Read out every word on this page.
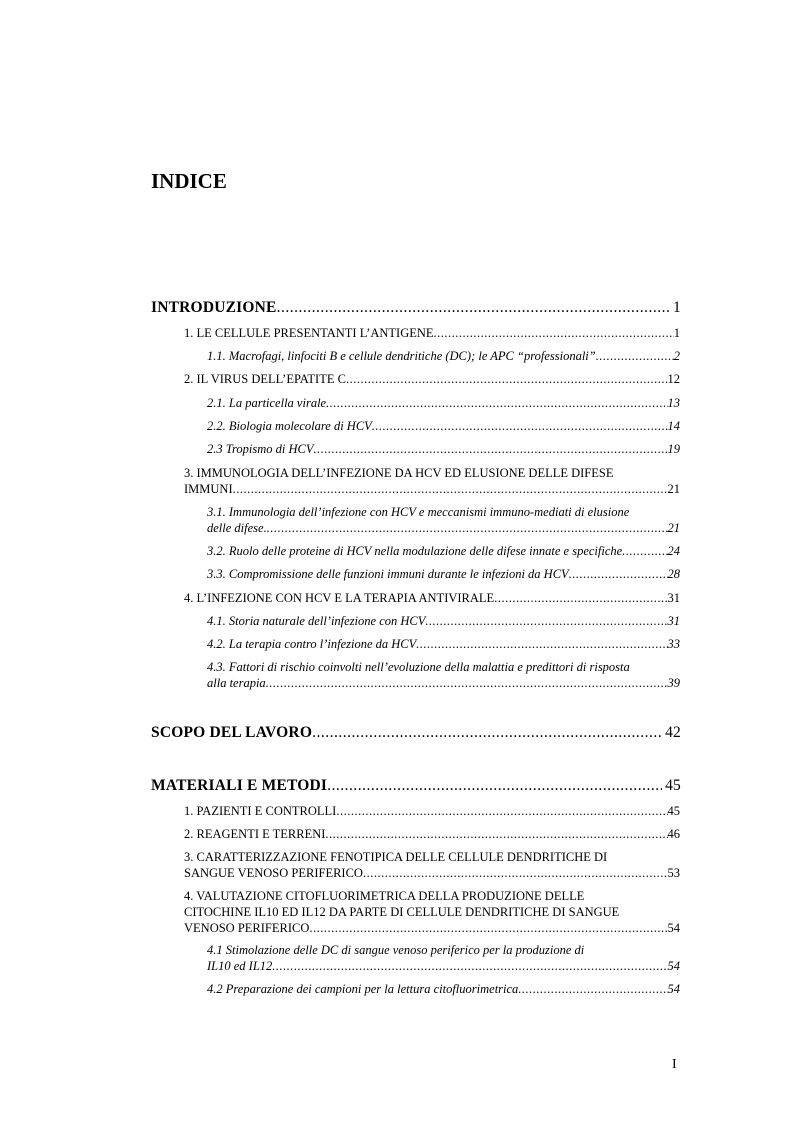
INDICE
INTRODUZIONE .....	1
1. LE CELLULE PRESENTANTI L’ANTIGENE .....	1
1.1. Macrofagi, linfociti B e cellule dendritiche (DC); le APC “professionali” .....	2
2. IL VIRUS DELL’EPATITE C .....	12
2.1. La particella virale .....	13
2.2. Biologia molecolare di HCV .....	14
2.3 Tropismo di HCV .....	19
3. IMMUNOLOGIA DELL’INFEZIONE DA HCV ED ELUSIONE DELLE DIFESE
IMMUNI .....	21
3.1. Immunologia dell’infezione con HCV e meccanismi immuno-mediati di elusione
delle difese. .....	21
3.2. Ruolo delle proteine di HCV nella modulazione delle difese innate e specifiche .....	24
3.3. Compromissione delle funzioni immuni durante le infezioni da HCV .....	28
4. L’INFEZIONE CON HCV E LA TERAPIA ANTIVIRALE .....	31
4.1. Storia naturale dell’infezione con HCV .....	31
4.2. La terapia contro l’infezione da HCV .....	33
4.3. Fattori di rischio coinvolti nell’evoluzione della malattia e predittori di risposta
alla terapia .....	39
SCOPO DEL LAVORO .....	42
MATERIALI E METODI .....	45
1. PAZIENTI E CONTROLLI .....	45
2. REAGENTI E TERRENI .....	46
3. CARATTERIZZAZIONE FENOTIPICA DELLE CELLULE DENDRITICHE DI
SANGUE VENOSO PERIFERICO .....	53
4. VALUTAZIONE CITOFLUORIMETRICA DELLA PRODUZIONE DELLE
CITOCHINE IL10 ED IL12 DA PARTE DI CELLULE DENDRITICHE DI SANGUE
VENOSO PERIFERICO .....	54
4.1 Stimolazione delle DC di sangue venoso periferico per la produzione di
IL10 ed IL12 .....	54
4.2 Preparazione dei campioni per la lettura citofluorimetrica .....	54
I
